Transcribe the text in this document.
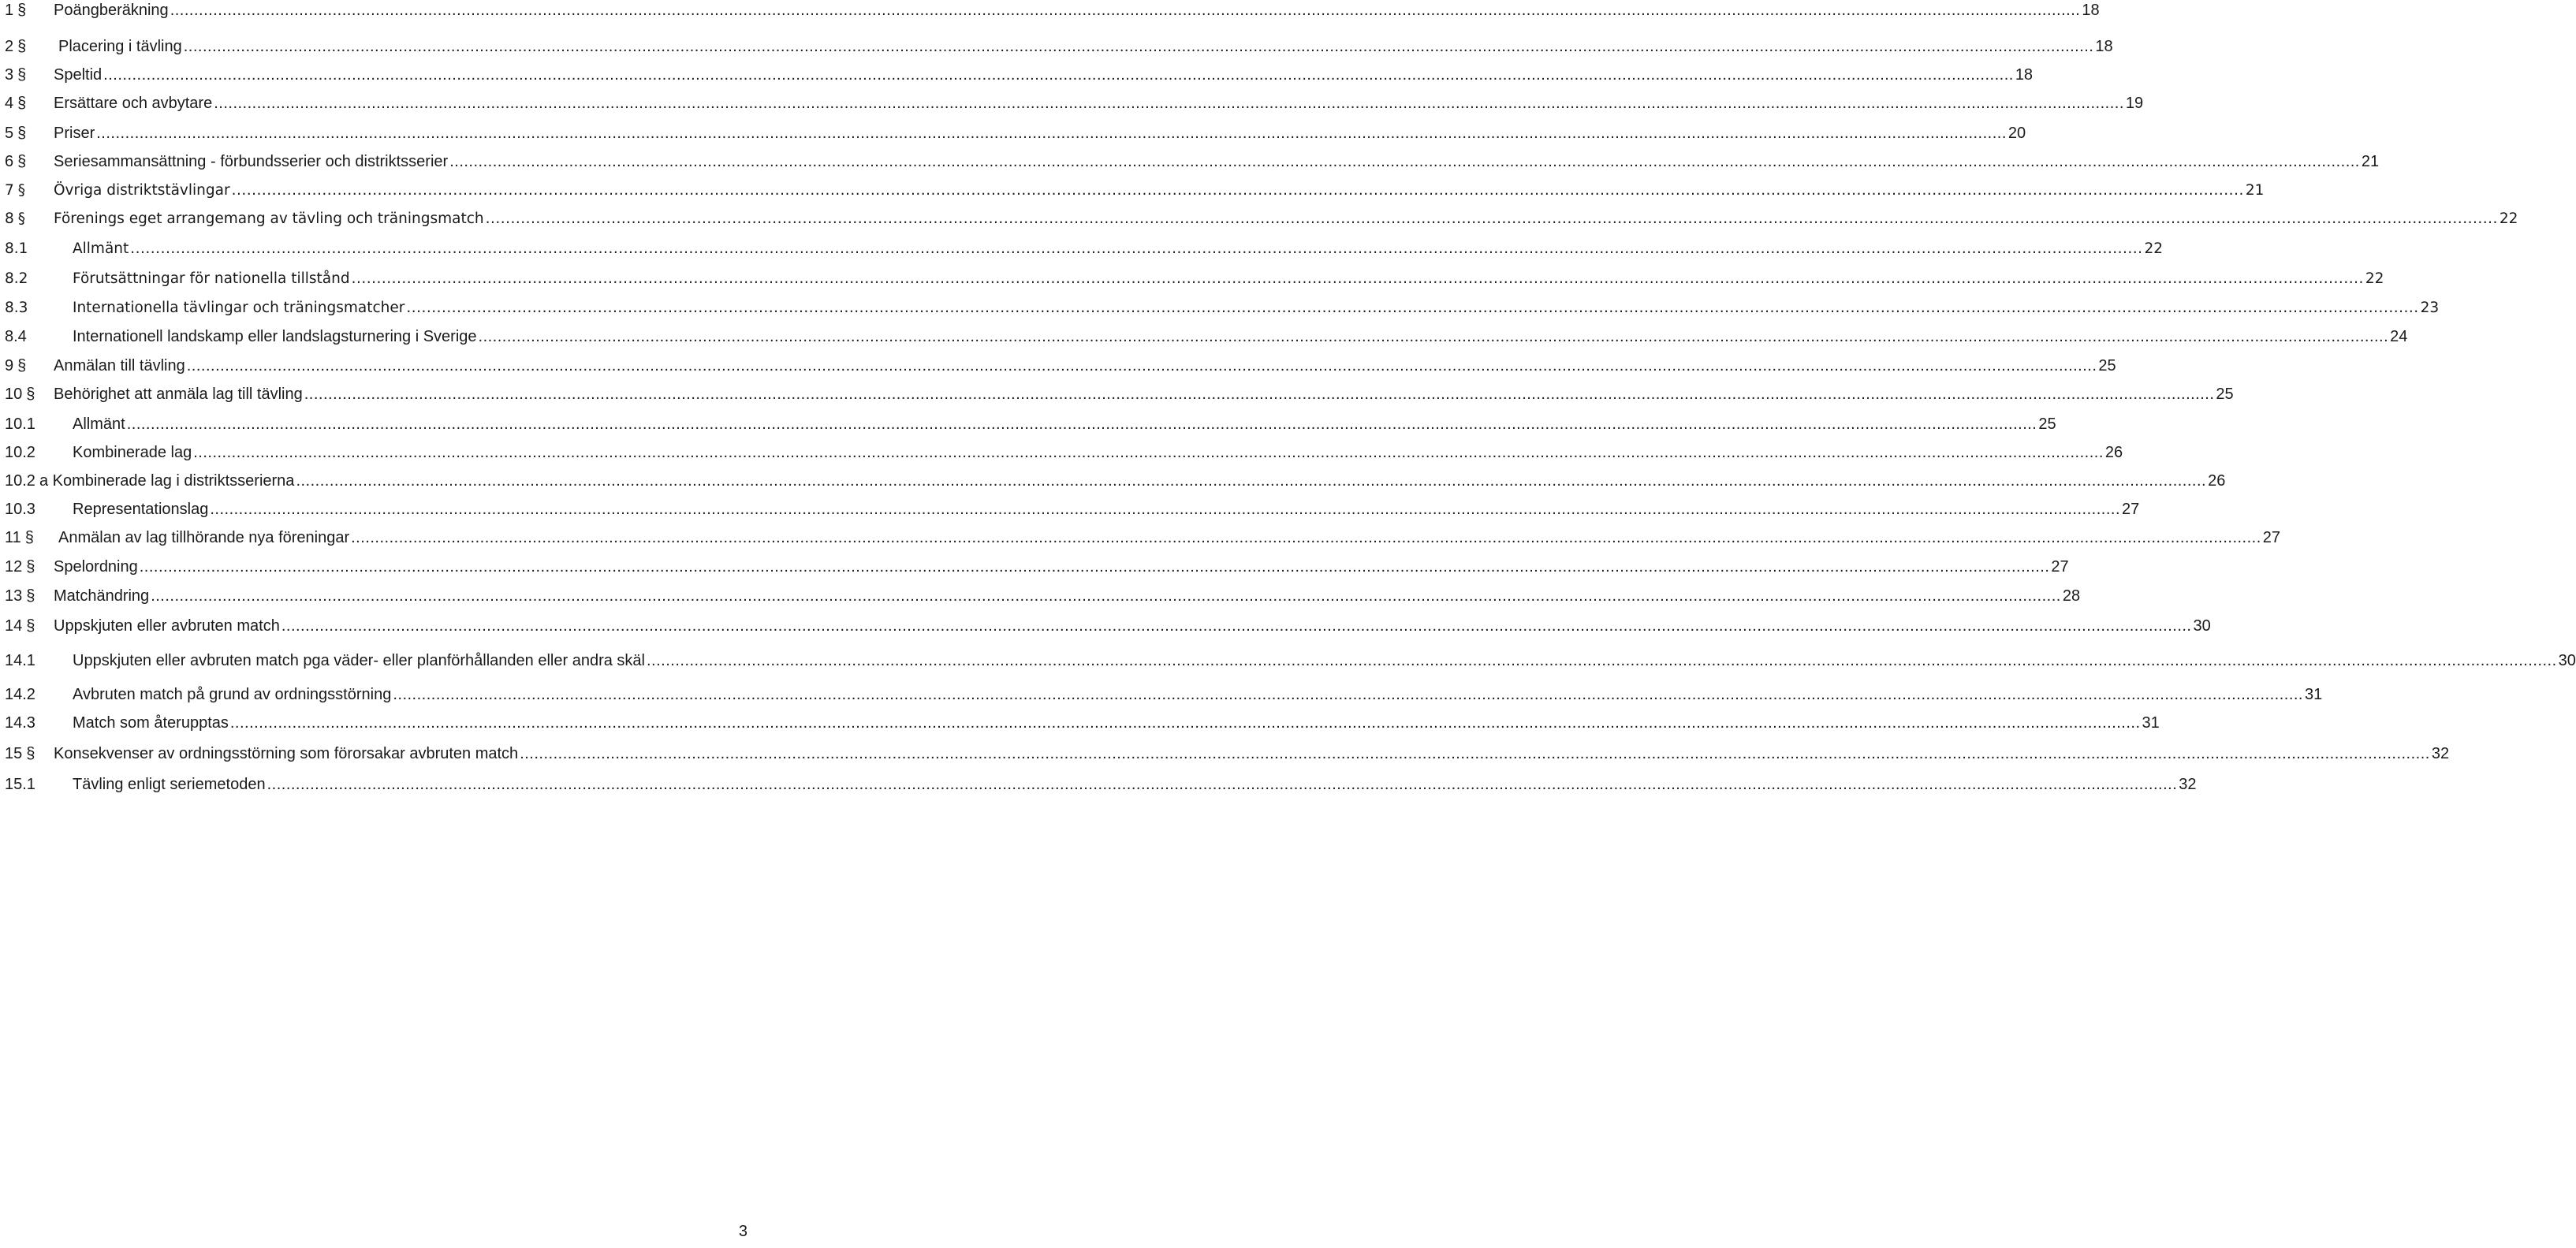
1 § Poängberäkning ................................................................................................................................................................................................................................................................................................................................................................................................................ 18
2 § Placering i tävling ................................................................................................................................................................................................................................................................................................................................................................................................................ 18
3 § Speltid ................................................................................................................................................................................................................................................................................................................................................................................................................ 18
4 § Ersättare och avbytare ................................................................................................................................................................................................................................................................................................................................................................................................................ 19
5 § Priser ................................................................................................................................................................................................................................................................................................................................................................................................................ 20
6 § Seriesammansättning - förbundsserier och distriktsserier ................................................................................................................................................................................................................................................................................................................................................................................................................ 21
7 § Övriga distriktstävlingar ................................................................................................................................................................................................................................................................................................................................................................................................................ 21
8 § Förenings eget arrangemang av tävling och träningsmatch ................................................................................................................................................................................................................................................................................................................................................................................................................ 22
8.1	Allmänt ................................................................................................................................................................................................................................................................................................................................................................................................................ 22
8.2	Förutsättningar för nationella tillstånd ................................................................................................................................................................................................................................................................................................................................................................................................................ 22
8.3	Internationella tävlingar och träningsmatcher ................................................................................................................................................................................................................................................................................................................................................................................................................ 23
8.4	Internationell landskamp eller landslagsturnering i Sverige ................................................................................................................................................................................................................................................................................................................................................................................................................ 24
9 § Anmälan till tävling ................................................................................................................................................................................................................................................................................................................................................................................................................ 25
10 § Behörighet att anmäla lag till tävling ................................................................................................................................................................................................................................................................................................................................................................................................................ 25
10.1 Allmänt ................................................................................................................................................................................................................................................................................................................................................................................................................ 25
10.2 Kombinerade lag ................................................................................................................................................................................................................................................................................................................................................................................................................ 26
10.2 a Kombinerade lag i distriktsserierna ................................................................................................................................................................................................................................................................................................................................................................................................................ 26
10.3 Representationslag ................................................................................................................................................................................................................................................................................................................................................................................................................ 27
11 § Anmälan av lag tillhörande nya föreningar ................................................................................................................................................................................................................................................................................................................................................................................................................ 27
12 § Spelordning ................................................................................................................................................................................................................................................................................................................................................................................................................ 27
13 § Matchändring ................................................................................................................................................................................................................................................................................................................................................................................................................ 28
14 § Uppskjuten eller avbruten match ................................................................................................................................................................................................................................................................................................................................................................................................................ 30
14.1 Uppskjuten eller avbruten match pga väder- eller planförhållanden eller andra skäl ................................................................................................................................................................................................................................................................................................................................................................................................................ 30
14.2 Avbruten match på grund av ordningsstörning ................................................................................................................................................................................................................................................................................................................................................................................................................ 31
14.3 Match som återupptas ................................................................................................................................................................................................................................................................................................................................................................................................................ 31
15 § Konsekvenser av ordningsstörning som förorsakar avbruten match ................................................................................................................................................................................................................................................................................................................................................................................................................ 32
15.1 Tävling enligt seriemetoden ................................................................................................................................................................................................................................................................................................................................................................................................................ 32
3
